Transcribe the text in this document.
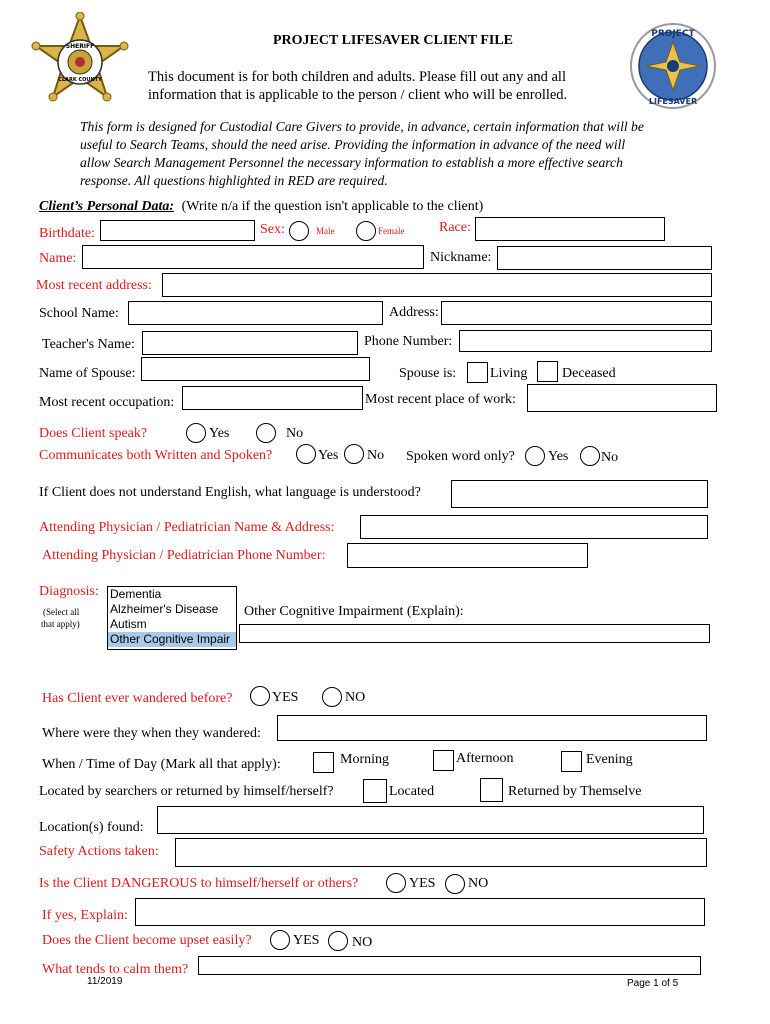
SHERIFF
CLARK COUNTY
PROJECT
LIFESAVER
PROJECT LIFESAVER CLIENT FILE
This document is for both children and adults. Please fill out any and all
information that is applicable to the person / client who will be enrolled.
This form is designed for Custodial Care Givers to provide, in advance, certain information that will be
useful to Search Teams, should the need arise. Providing the information in advance of the need will
allow Search Management Personnel the necessary information to establish a more effective search
response. All questions highlighted in RED are required.
Client’s Personal Data: (Write n/a if the question isn't applicable to the client)
Birthdate:	Sex:	Male	Female Race:
Name:	Nickname:
Most recent address:
School Name:	Address:
Teacher's Name:	Phone Number:
Name of Spouse:	Spouse is: Living Deceased
Most recent occupation:	Most recent place of work:
Does Client speak?	Yes	No
Communicates both Written and Spoken?	Yes No Spoken word only? Yes No
If Client does not understand English, what language is understood?
Attending Physician / Pediatrician Name & Address:
Attending Physician / Pediatrician Phone Number:
Diagnosis:
(Select all
that apply)
Dementia
Alzheimer's Disease
Autism
Other Cognitive Impair
Other Cognitive Impairment (Explain):
Has Client ever wandered before?	YES	NO
Where were they when they wandered:
When / Time of Day (Mark all that apply):	Morning	Afternoon	Evening
Located by searchers or returned by himself/herself?	Located	Returned by Themselve
Location(s) found:
Safety Actions taken:
Is the Client DANGEROUS to himself/herself or others?	YES NO
If yes, Explain:
Does the Client become upset easily?	YES NO
What tends to calm them?
11/2019	Page 1 of 5
